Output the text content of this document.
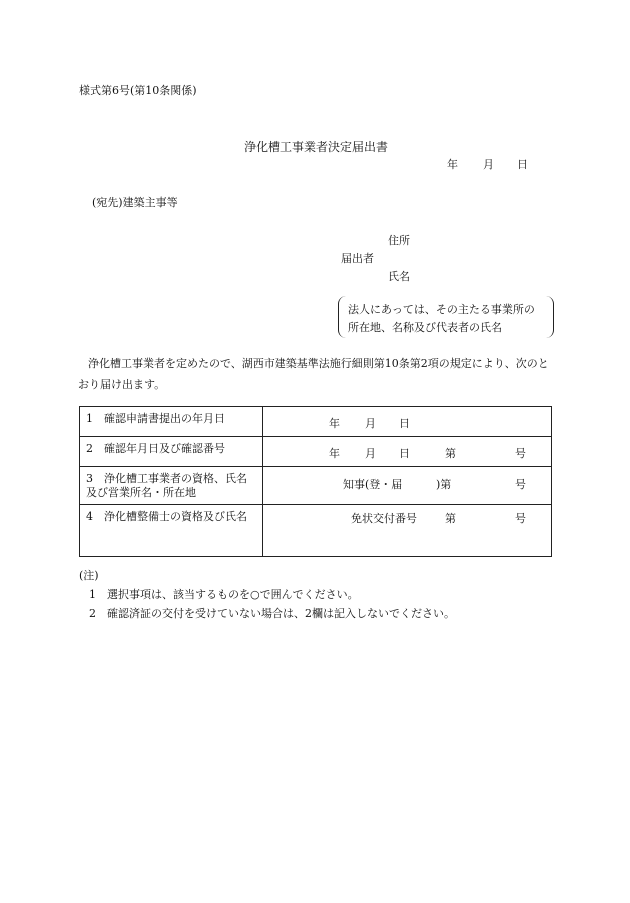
様式第6号(第10条関係)
浄化槽工事業者決定届出書
年 月 日
(宛先)建築主事等
住所
届出者
氏名
法人にあっては、その主たる事業所の
所在地、名称及び代表者の氏名
浄化槽工事業者を定めたので、湖西市建築基準法施行細則第10条第2項の規定により、次のとおり届け出ます。
1　確認申請書提出の年月日	年 月 日

2　確認年月日及び確認番号	年 月 日 第 号

3　浄化槽工事業者の資格、氏名及び営業所名・所在地	知事(登・届 )第 号

4　浄化槽整備士の資格及び氏名	免状交付番号 第 号
(注)
1　選択事項は、該当するものを○で囲んでください。
2　確認済証の交付を受けていない場合は、2欄は記入しないでください。
